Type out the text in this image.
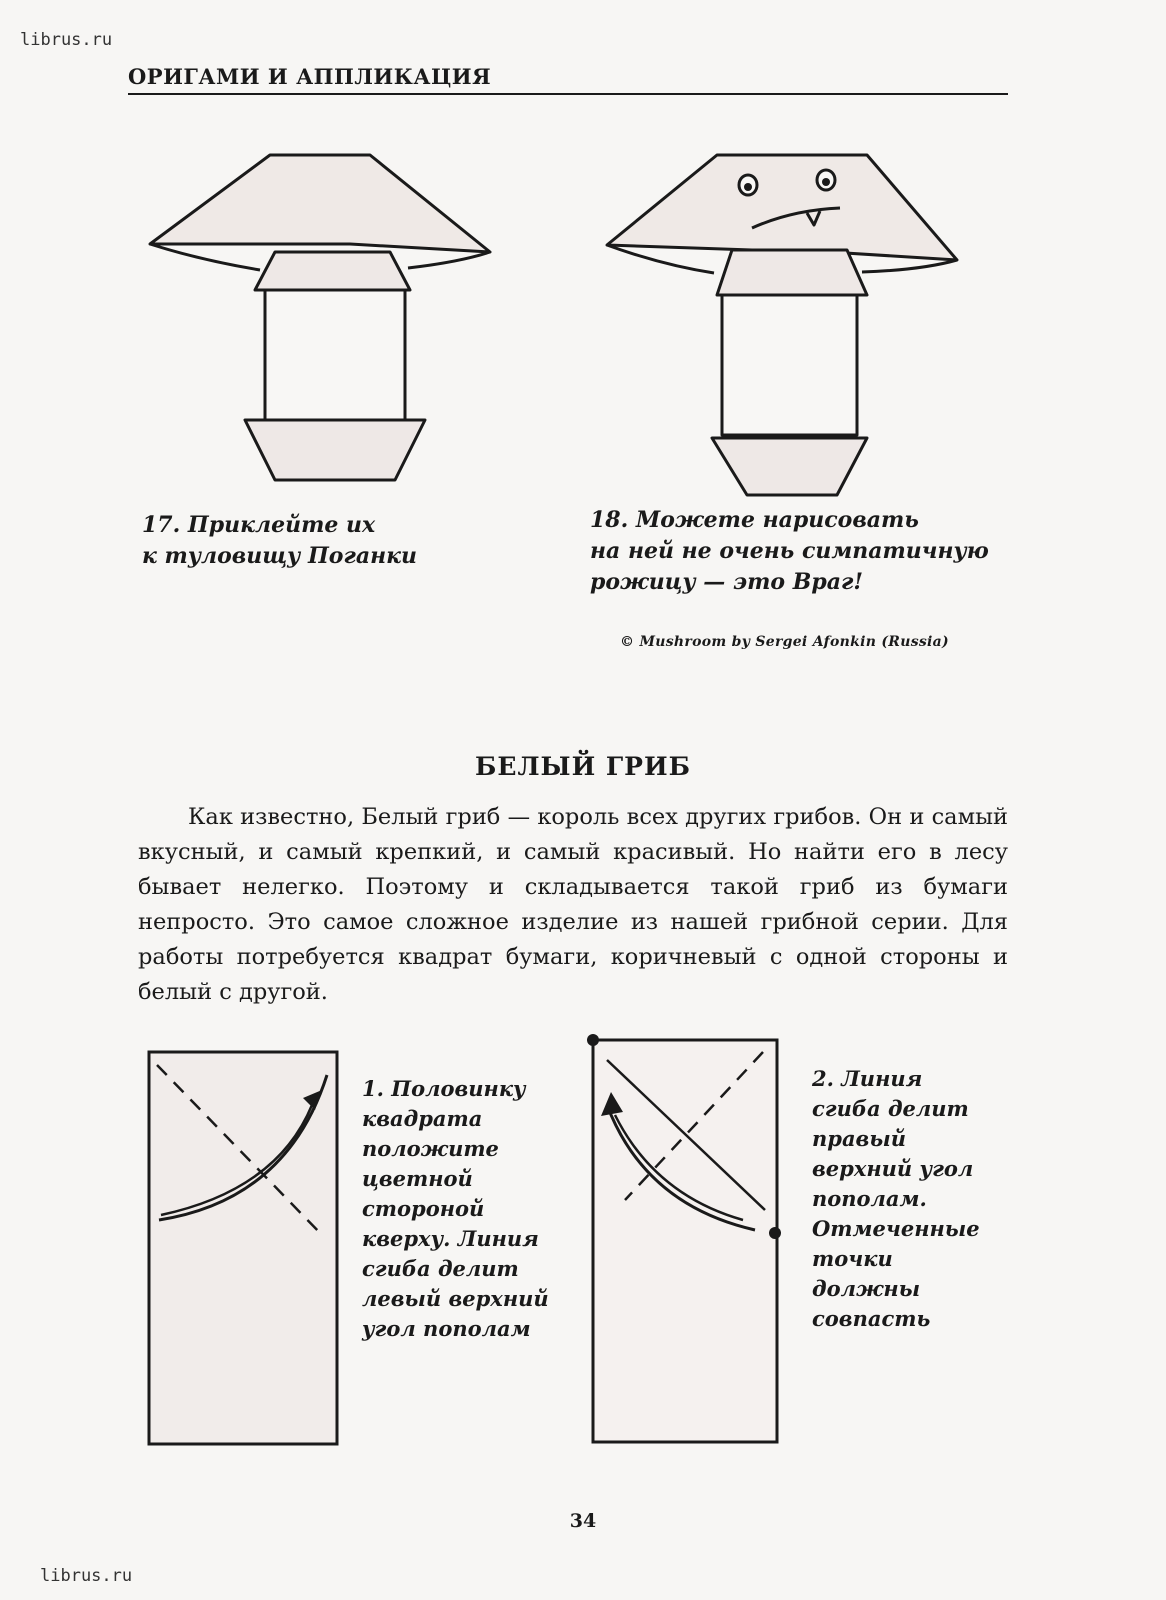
librus.ru
ОРИГАМИ И АППЛИКАЦИЯ
17. Приклейте их
к туловищу Поганки
18. Можете нарисовать
на ней не очень симпатичную
рожицу — это Враг!
© Mushroom by Sergei Afonkin (Russia)
БЕЛЫЙ ГРИБ

Как известно, Белый гриб — король всех других грибов. Он и самый вкусный, и самый крепкий, и самый красивый. Но найти его в лесу бывает нелегко. Поэтому и складывается такой гриб из бумаги непросто. Это самое сложное изделие из нашей грибной серии. Для работы потребуется квадрат бумаги, коричневый с одной стороны и белый с другой.

1. Половинку
квадрата
положите
цветной
стороной
кверху. Линия
сгиба делит
левый верхний
угол пополам
2. Линия
сгиба делит
правый
верхний угол
пополам.
Отмеченные
точки
должны
совпасть
34
librus.ru
